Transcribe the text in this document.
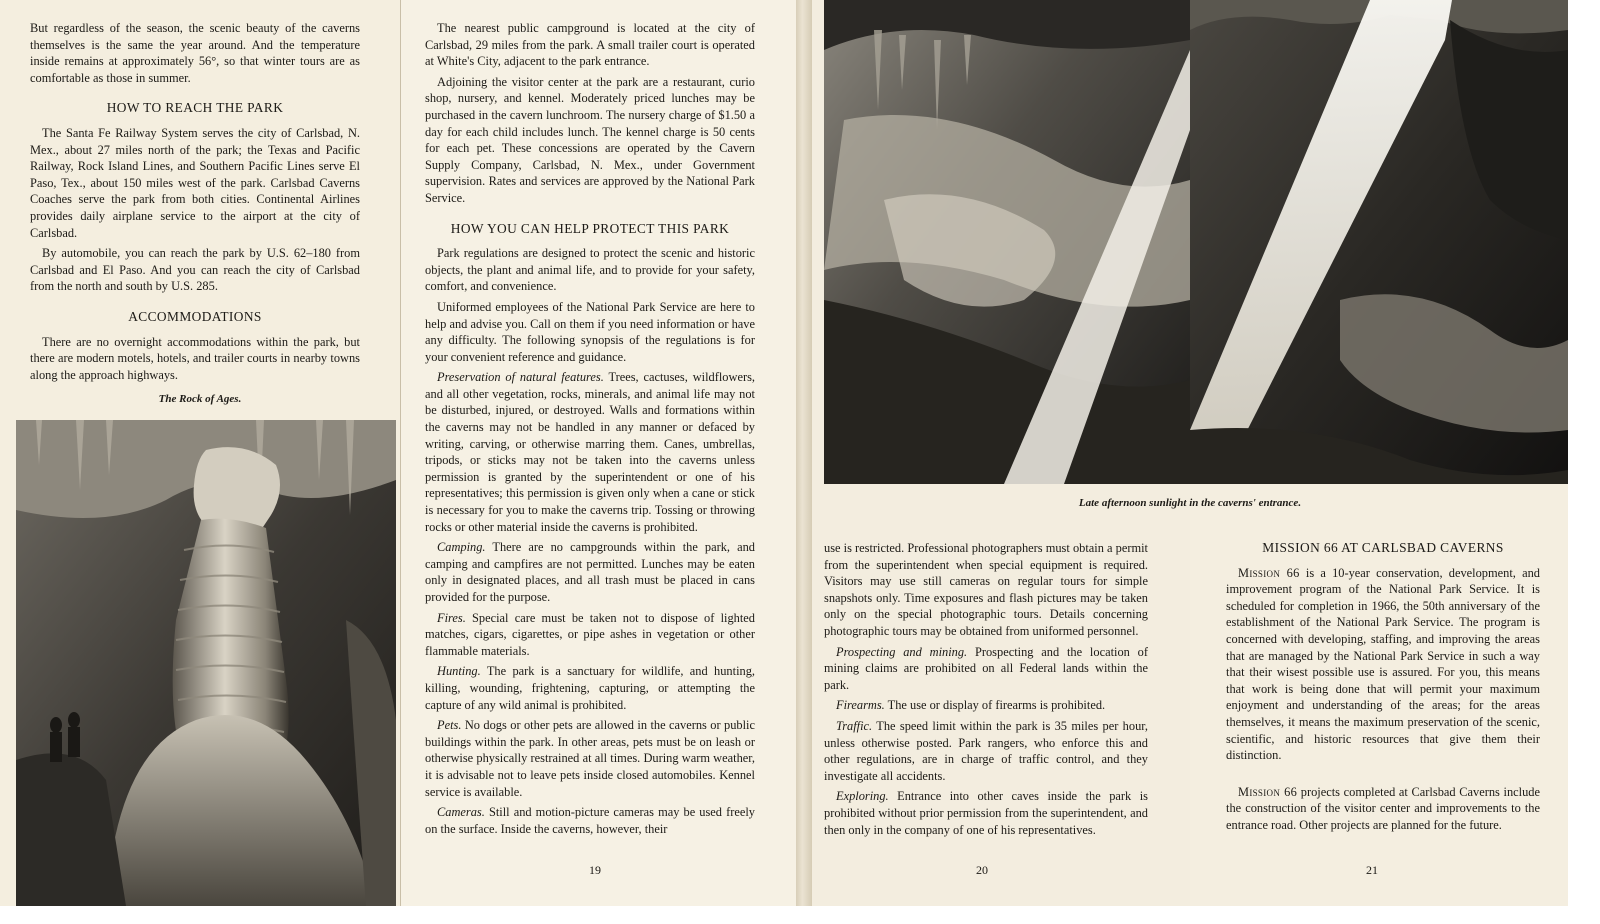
But regardless of the season, the scenic beauty of the caverns themselves is the same the year around. And the temperature inside remains at approximately 56°, so that winter tours are as comfortable as those in summer.

HOW TO REACH THE PARK

The Santa Fe Railway System serves the city of Carlsbad, N. Mex., about 27 miles north of the park; the Texas and Pacific Railway, Rock Island Lines, and Southern Pacific Lines serve El Paso, Tex., about 150 miles west of the park. Carlsbad Caverns Coaches serve the park from both cities. Continental Airlines provides daily airplane service to the airport at the city of Carlsbad.

By automobile, you can reach the park by U.S. 62–180 from Carlsbad and El Paso. And you can reach the city of Carlsbad from the north and south by U.S. 285.

ACCOMMODATIONS

There are no overnight accommodations within the park, but there are modern motels, hotels, and trailer courts in nearby towns along the approach highways.

The Rock of Ages.

The nearest public campground is located at the city of Carlsbad, 29 miles from the park. A small trailer court is operated at White's City, adjacent to the park entrance.

Adjoining the visitor center at the park are a restaurant, curio shop, nursery, and kennel. Moderately priced lunches may be purchased in the cavern lunchroom. The nursery charge of $1.50 a day for each child includes lunch. The kennel charge is 50 cents for each pet. These concessions are operated by the Cavern Supply Company, Carlsbad, N. Mex., under Government supervision. Rates and services are approved by the National Park Service.

HOW YOU CAN HELP PROTECT THIS PARK

Park regulations are designed to protect the scenic and historic objects, the plant and animal life, and to provide for your safety, comfort, and convenience.

Uniformed employees of the National Park Service are here to help and advise you. Call on them if you need information or have any difficulty. The following synopsis of the regulations is for your convenient reference and guidance.

Preservation of natural features. Trees, cactuses, wildflowers, and all other vegetation, rocks, minerals, and animal life may not be disturbed, injured, or destroyed. Walls and formations within the caverns may not be handled in any manner or defaced by writing, carving, or otherwise marring them. Canes, umbrellas, tripods, or sticks may not be taken into the caverns unless permission is granted by the superintendent or one of his representatives; this permission is given only when a cane or stick is necessary for you to make the caverns trip. Tossing or throwing rocks or other material inside the caverns is prohibited.

Camping. There are no campgrounds within the park, and camping and campfires are not permitted. Lunches may be eaten only in designated places, and all trash must be placed in cans provided for the purpose.

Fires. Special care must be taken not to dispose of lighted matches, cigars, cigarettes, or pipe ashes in vegetation or other flammable materials.

Hunting. The park is a sanctuary for wildlife, and hunting, killing, wounding, frightening, capturing, or attempting the capture of any wild animal is prohibited.

Pets. No dogs or other pets are allowed in the caverns or public buildings within the park. In other areas, pets must be on leash or otherwise physically restrained at all times. During warm weather, it is advisable not to leave pets inside closed automobiles. Kennel service is available.

Cameras. Still and motion-picture cameras may be used freely on the surface. Inside the caverns, however, their

19

use is restricted. Professional photographers must obtain a permit from the superintendent when special equipment is required. Visitors may use still cameras on regular tours for simple snapshots only. Time exposures and flash pictures may be taken only on the special photographic tours. Details concerning photographic tours may be obtained from uniformed personnel.

Prospecting and mining. Prospecting and the location of mining claims are prohibited on all Federal lands within the park.

Firearms. The use or display of firearms is prohibited.

Traffic. The speed limit within the park is 35 miles per hour, unless otherwise posted. Park rangers, who enforce this and other regulations, are in charge of traffic control, and they investigate all accidents.

Exploring. Entrance into other caves inside the park is prohibited without prior permission from the superintendent, and then only in the company of one of his representatives.

20
MISSION 66 AT CARLSBAD CAVERNS

Mission 66 is a 10-year conservation, development, and improvement program of the National Park Service. It is scheduled for completion in 1966, the 50th anniversary of the establishment of the National Park Service. The program is concerned with developing, staffing, and improving the areas that are managed by the National Park Service in such a way that their wisest possible use is assured. For you, this means that work is being done that will permit your maximum enjoyment and understanding of the areas; for the areas themselves, it means the maximum preservation of the scenic, scientific, and historic resources that give them their distinction.

Mission 66 projects completed at Carlsbad Caverns include the construction of the visitor center and improvements to the entrance road. Other projects are planned for the future.

21
Late afternoon sunlight in the caverns' entrance.
